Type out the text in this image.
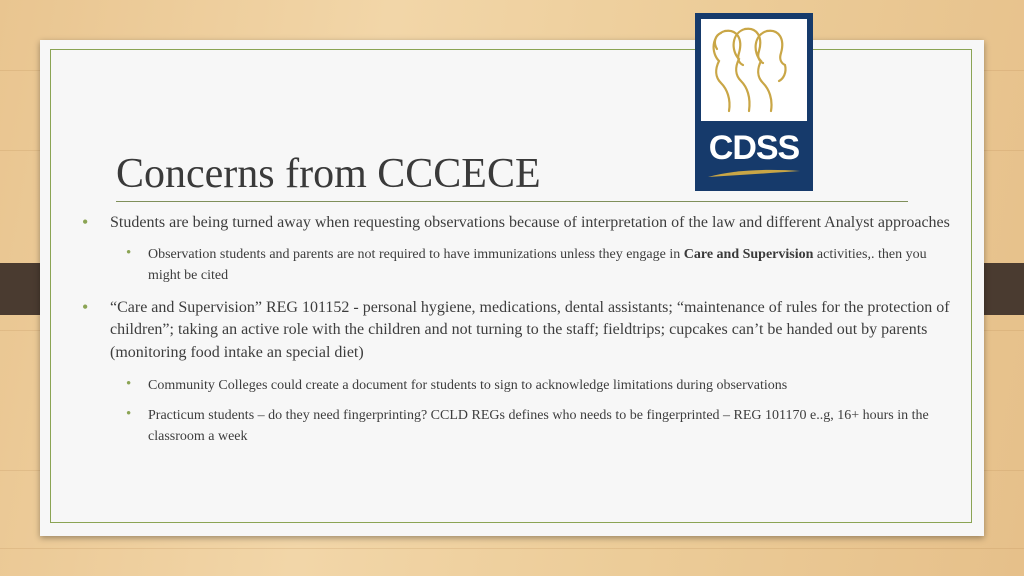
Concerns from CCCECE
CDSS

• Students are being turned away when requesting observations because of interpretation of the law and different Analyst approaches

• Observation students and parents are not required to have immunizations unless they engage in Care and Supervision activities,. then you might be cited

• “Care and Supervision” REG 101152 - personal hygiene, medications, dental assistants; “maintenance of rules for the protection of children”; taking an active role with the children and not turning to the staff; fieldtrips; cupcakes can’t be handed out by parents (monitoring food intake an special diet)

• Community Colleges could create a document for students to sign to acknowledge limitations during observations

• Practicum students – do they need fingerprinting? CCLD REGs defines who needs to be fingerprinted – REG 101170 e..g, 16+ hours in the classroom a week
